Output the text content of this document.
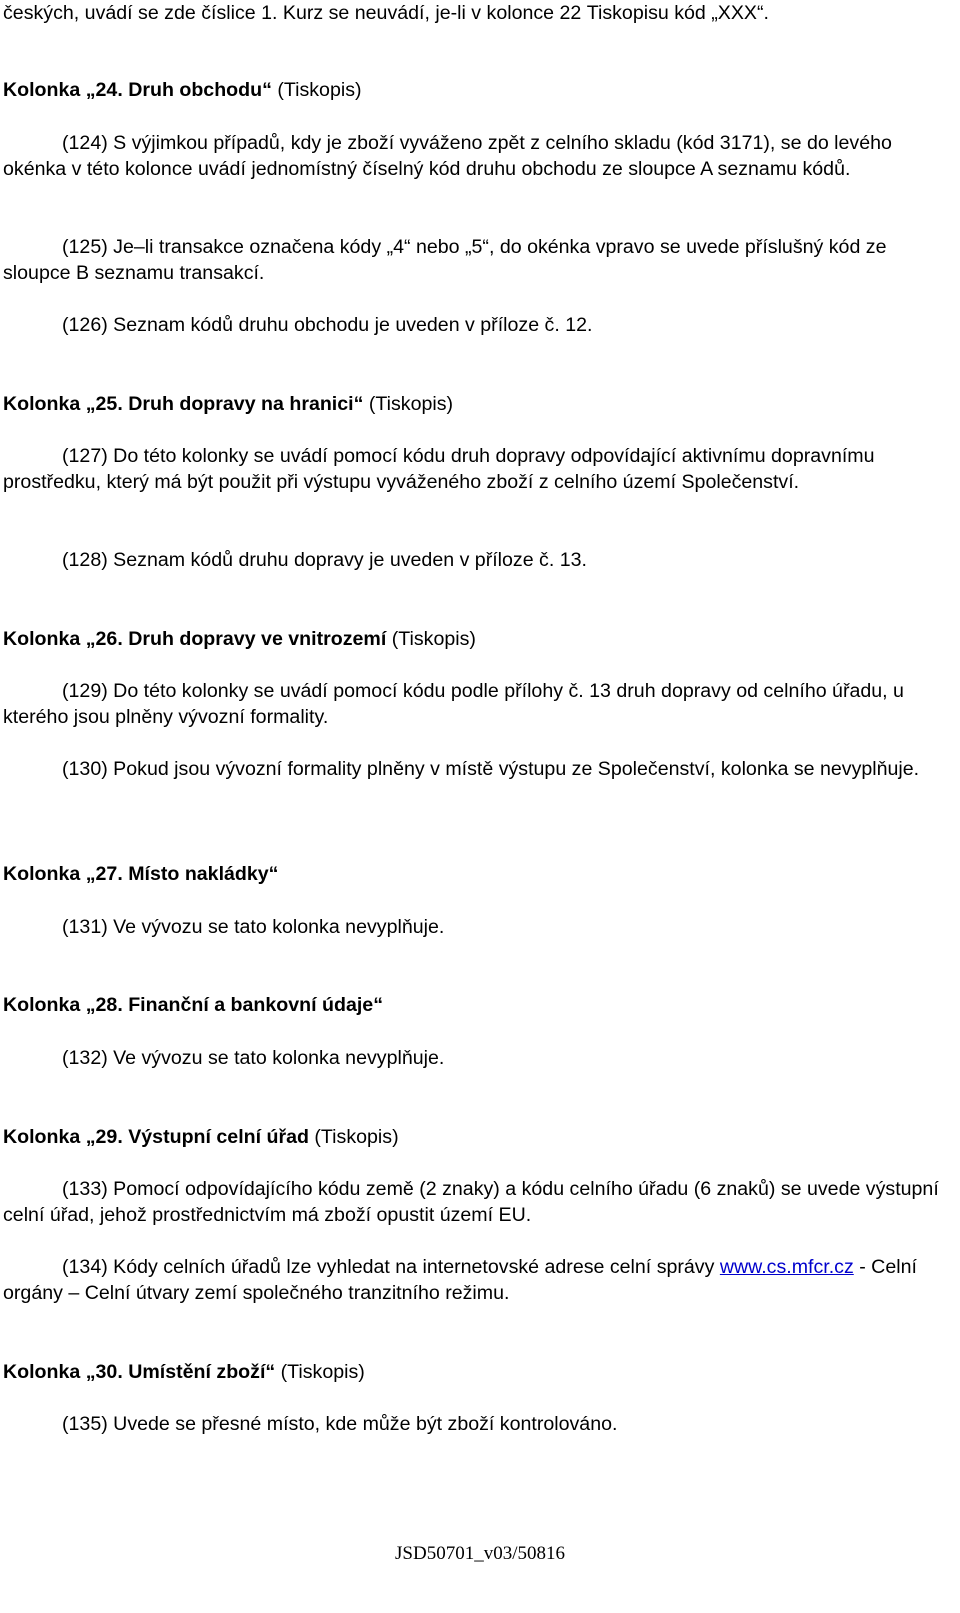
českých, uvádí se zde číslice 1. Kurz se neuvádí, je-li v koloncе 22 Tiskopisu kód „XXX“.

Kolonka „24. Druh obchodu“ (Tiskopis)

(124) S výjimkou případů, kdy je zboží vyváženo zpět z celního skladu (kód 3171), se do levého okénka v této koloncе uvádí jednomístný číselný kód druhu obchodu ze sloupce A seznamu kódů.

(125) Je–li transakce označena kódy „4“ nebo „5“, do okénka vpravo se uvede příslušný kód ze sloupce B seznamu transakcí.

(126) Seznam kódů druhu obchodu je uveden v příloze č. 12.

Kolonka „25. Druh dopravy na hranici“ (Tiskopis)

(127) Do této kolonky se uvádí pomocí kódu druh dopravy odpovídající aktivnímu dopravnímu prostředku, který má být použit při výstupu vyváženého zboží z celního území Společenství.

(128) Seznam kódů druhu dopravy je uveden v příloze č. 13.

Kolonka „26. Druh dopravy ve vnitrozemí (Tiskopis)

(129) Do této kolonky se uvádí pomocí kódu podle přílohy č. 13 druh dopravy od celního úřadu, u kterého jsou plněny vývozní formality.

(130) Pokud jsou vývozní formality plněny v místě výstupu ze Společenství, kolonka se nevyplňuje.

Kolonka „27. Místo nakládky“

(131) Ve vývozu se tato kolonka nevyplňuje.

Kolonka „28. Finanční a bankovní údaje“

(132) Ve vývozu se tato kolonka nevyplňuje.

Kolonka „29. Výstupní celní úřad (Tiskopis)

(133) Pomocí odpovídajícího kódu země (2 znaky) a kódu celního úřadu (6 znaků) se uvede výstupní celní úřad, jehož prostřednictvím má zboží opustit území EU.

(134) Kódy celních úřadů lze vyhledat na internetovské adrese celní správy www.cs.mfcr.cz - Celní orgány – Celní útvary zemí společného tranzitního režimu.

Kolonka „30. Umístění zboží“ (Tiskopis)

(135) Uvede se přesné místo, kde může být zboží kontrolováno.

JSD50701_v03/50816
